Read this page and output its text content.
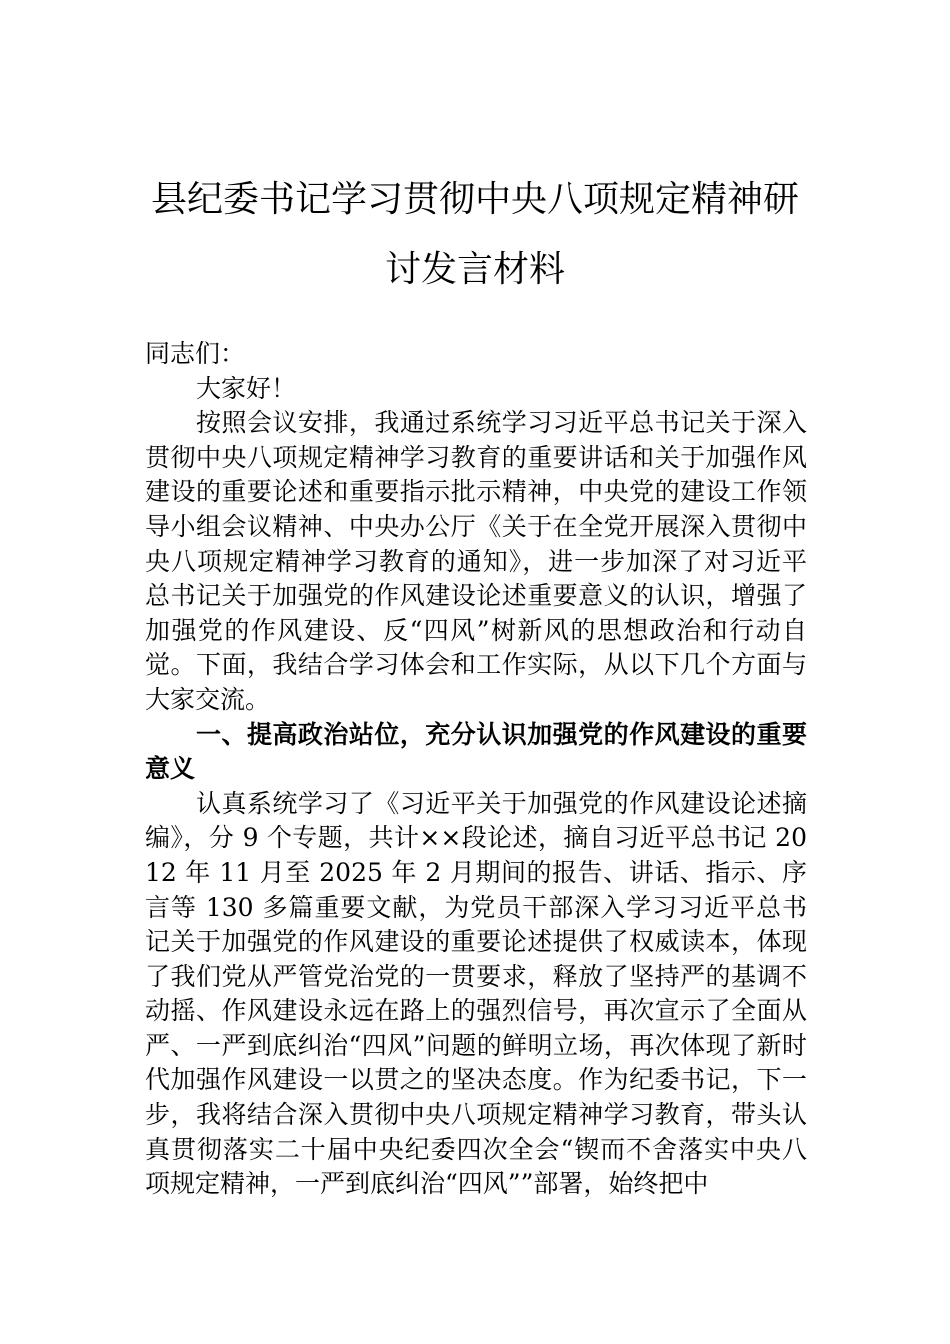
县纪委书记学习贯彻中央八项规定精神研
讨发言材料

同志们：

大家好！

按照会议安排，我通过系统学习习近平总书记关于深入贯彻中央八项规定精神学习教育的重要讲话和关于加强作风建设的重要论述和重要指示批示精神，中央党的建设工作领导小组会议精神、中央办公厅《关于在全党开展深入贯彻中央八项规定精神学习教育的通知》，进一步加深了对习近平总书记关于加强党的作风建设论述重要意义的认识，增强了加强党的作风建设、反“四风”树新风的思想政治和行动自觉。下面，我结合学习体会和工作实际，从以下几个方面与大家交流。

一、提高政治站位，充分认识加强党的作风建设的重要意义

认真系统学习了《习近平关于加强党的作风建设论述摘编》，分 9 个专题，共计××段论述，摘自习近平总书记 2012 年 11 月至 2025 年 2 月期间的报告、讲话、指示、序言等 130 多篇重要文献，为党员干部深入学习习近平总书记关于加强党的作风建设的重要论述提供了权威读本，体现了我们党从严管党治党的一贯要求，释放了坚持严的基调不动摇、作风建设永远在路上的强烈信号，再次宣示了全面从严、一严到底纠治“四风”问题的鲜明立场，再次体现了新时代加强作风建设一以贯之的坚决态度。作为纪委书记，下一步，我将结合深入贯彻中央八项规定精神学习教育，带头认真贯彻落实二十届中央纪委四次全会“锲而不舍落实中央八项规定精神，一严到底纠治“四风””部署，始终把中
